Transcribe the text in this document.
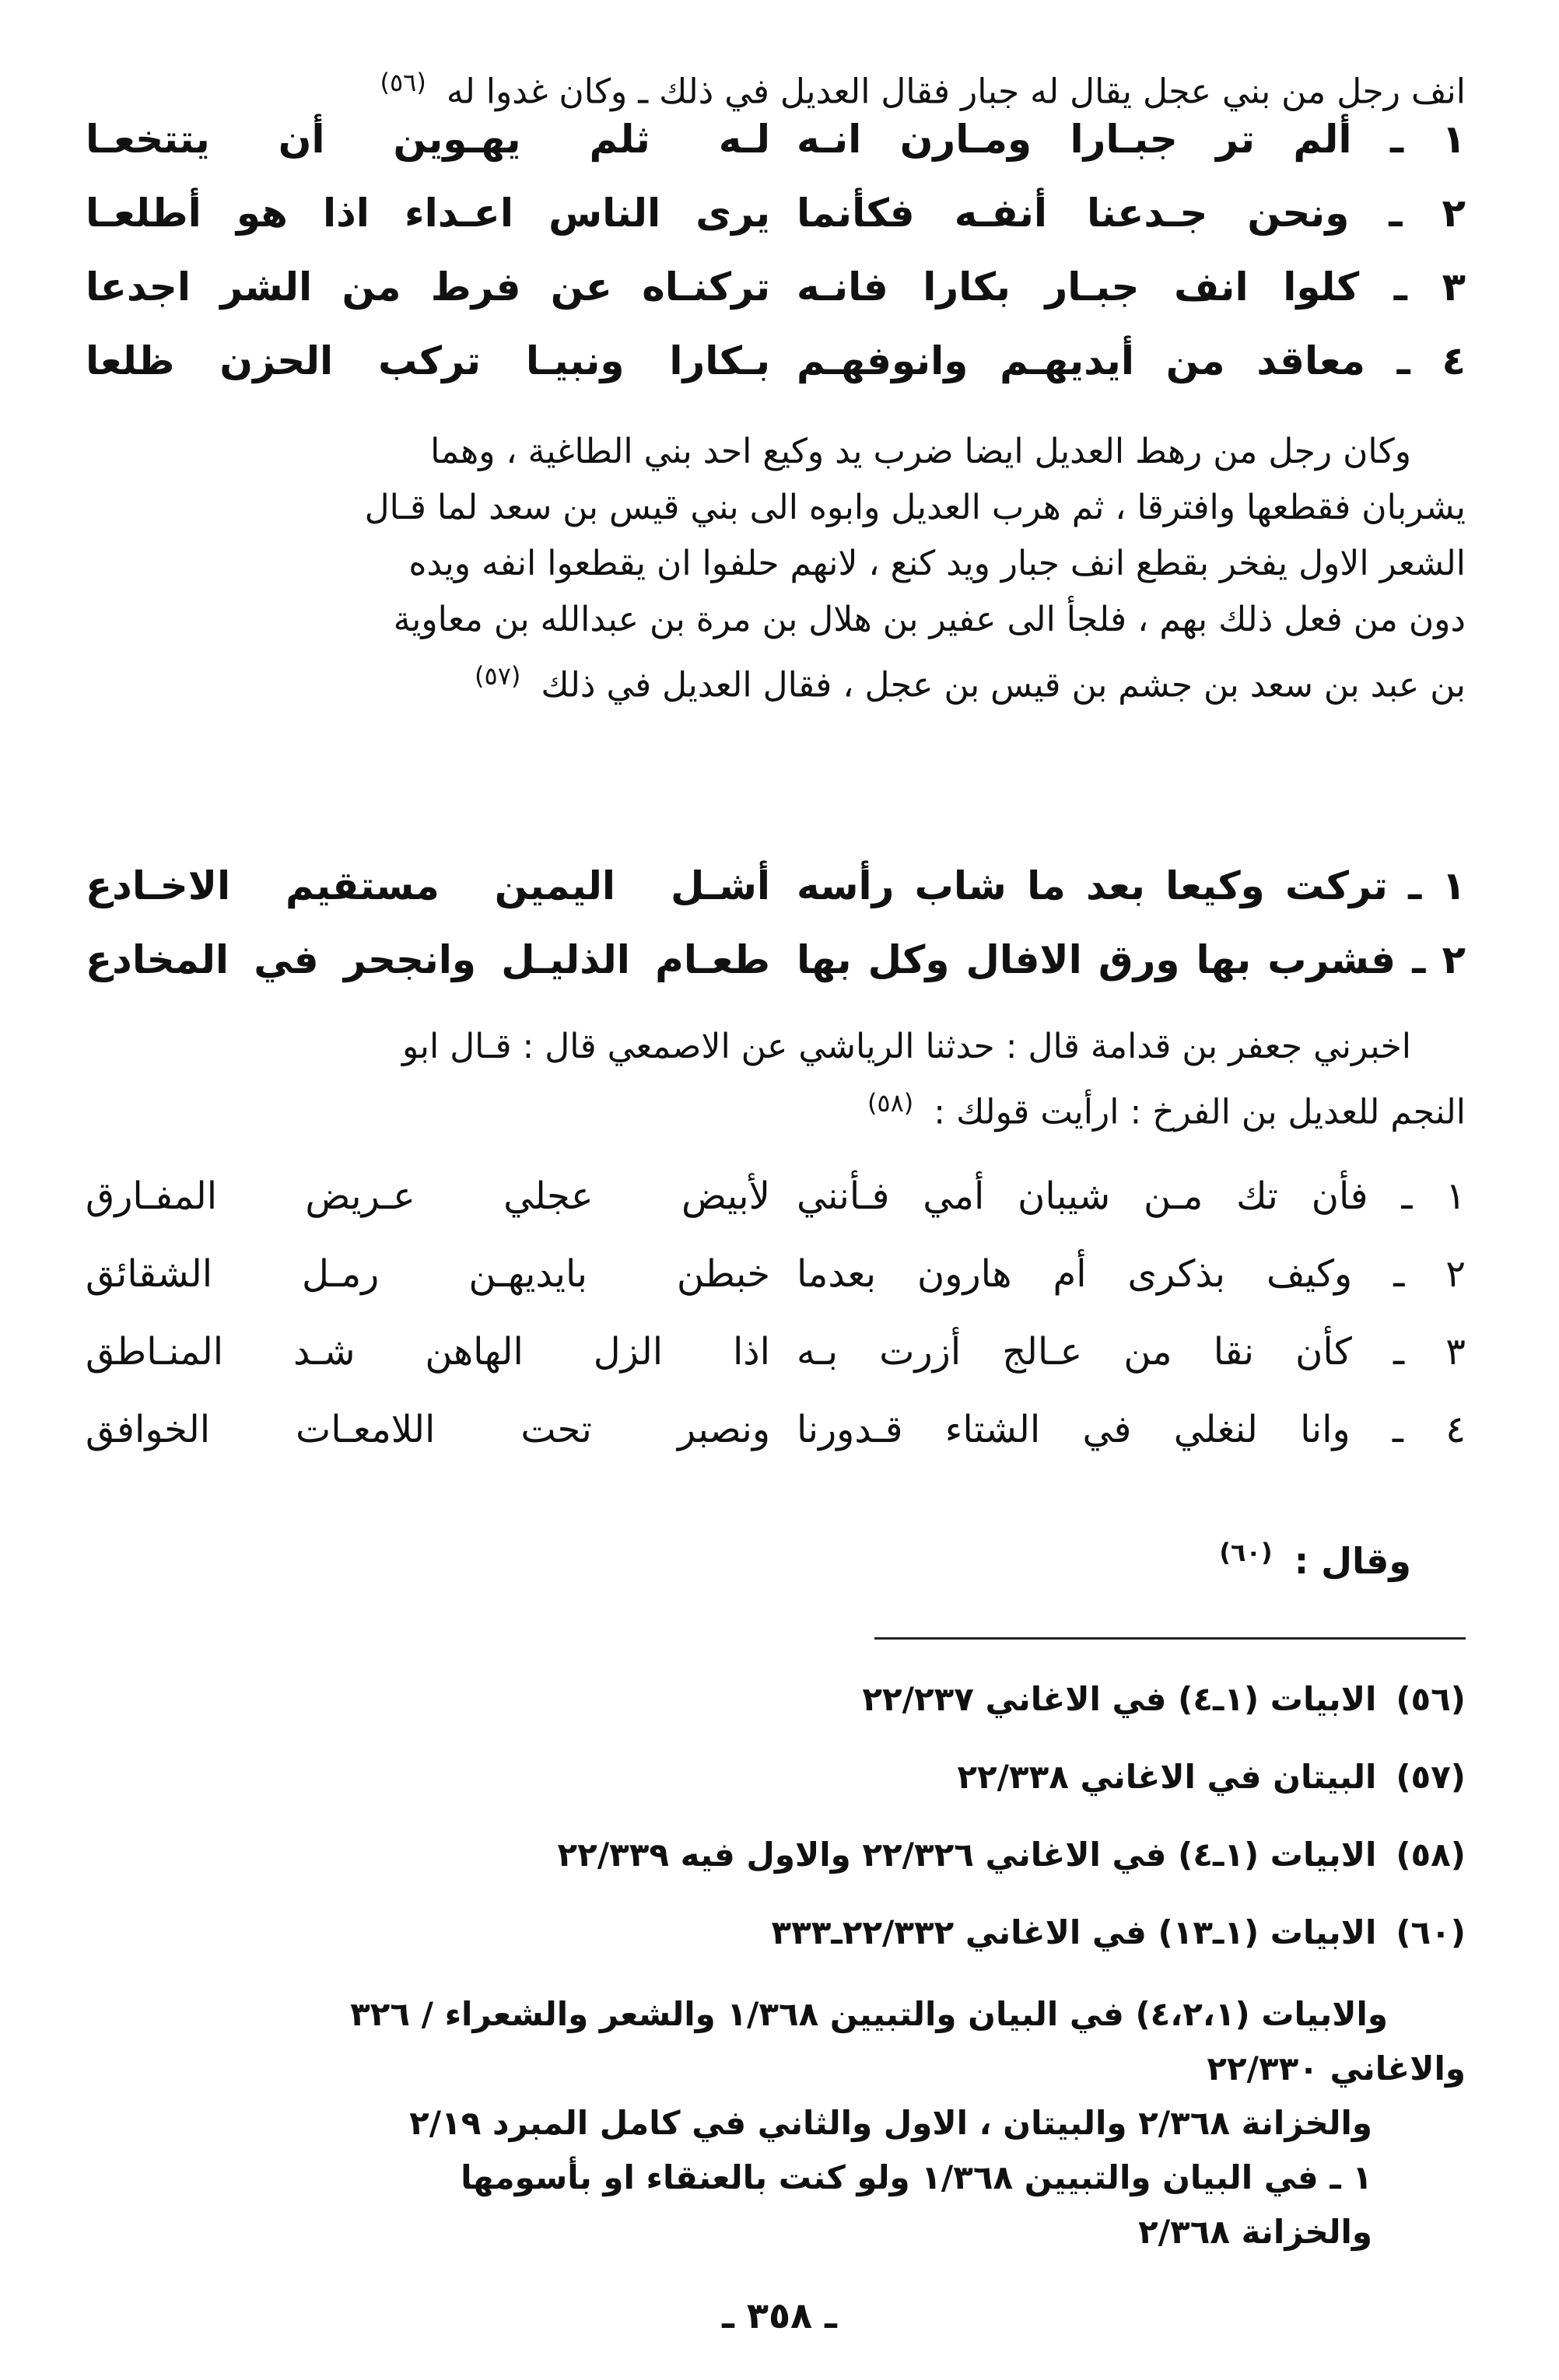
انف رجل من بني عجل يقال له جبار فقال العديل في ذلك ـ وكان غدوا له $^{(٥٦)}$
١ ـ ألم تر جبـارا ومـارن انـه
لـه ثلم يهـوين أن يتتخعـا
٢ ـ ونحن جـدعنا أنفـه فكأنما
يرى الناس اعـداء اذا هو أطلعـا
٣ ـ كلوا انف جبـار بكارا فانـه
تركنـاه عن فرط من الشر اجدعا
٤ ـ معاقد من أيديهـم وانوفهـم
بـكارا ونبيـا تركب الحزن ظلعا
وكان رجل من رهط العديل ايضا ضرب يد وكيع احد بني الطاغية ، وهما
يشربان فقطعها وافترقا ، ثم هرب العديل وابوه الى بني قيس بن سعد لما قـال
الشعر الاول يفخر بقطع انف جبار ويد كنع ، لانهم حلفوا ان يقطعوا انفه ويده
دون من فعل ذلك بهم ، فلجأ الى عفير بن هلال بن مرة بن عبدالله بن معاوية
بن عبد بن سعد بن جشم بن قيس بن عجل ، فقال العديل في ذلك $^{(٥٧)}$
١ ـ تركت وكيعا بعد ما شاب رأسه
أشـل اليمين مستقيم الاخـادع
٢ ـ فشرب بها ورق الافال وكل بها
طعـام الذليـل وانجحر في المخادع
اخبرني جعفر بن قدامة قال : حدثنا الرياشي عن الاصمعي قال : قـال ابو
النجم للعديل بن الفرخ : ارأيت قولك : $^{(٥٨)}$
١ ـ فأن تك مـن شيبان أمي فـأنني
لأبيض عجلي عـريض المفـارق
٢ ـ وكيف بذكرى أم هارون بعدما
خبطن بايديهـن رمـل الشقائق
٣ ـ كأن نقا من عـالج أزرت بـه
اذا الزل الهاهن شـد المنـاطق
٤ ـ وانا لنغلي في الشتاء قـدورنا
ونصبر تحت اللامعـات الخوافق
وقال : $^{(٦٠)}$
(٥٦) الابيات (١ـ٤) في الاغاني ٢٢/٢٣٧
(٥٧) البيتان في الاغاني ٢٢/٣٣٨
(٥٨) الابيات (١ـ٤) في الاغاني ٢٢/٣٢٦ والاول فيه ٢٢/٣٣٩
(٦٠) الابيات (١ـ١٣) في الاغاني ٢٢/٣٣٢ـ٣٣٣
والابيات (٤،٢،١) في البيان والتبيين ١/٣٦٨ والشعر والشعراء / ٣٢٦
والاغاني ٢٢/٣٣٠
والخزانة ٢/٣٦٨ والبيتان ، الاول والثاني في كامل المبرد ٢/١٩
١ ـ في البيان والتبيين ١/٣٦٨ ولو كنت بالعنقاء او بأسومها
والخزانة ٢/٣٦٨
ـ ٣٥٨ ـ
